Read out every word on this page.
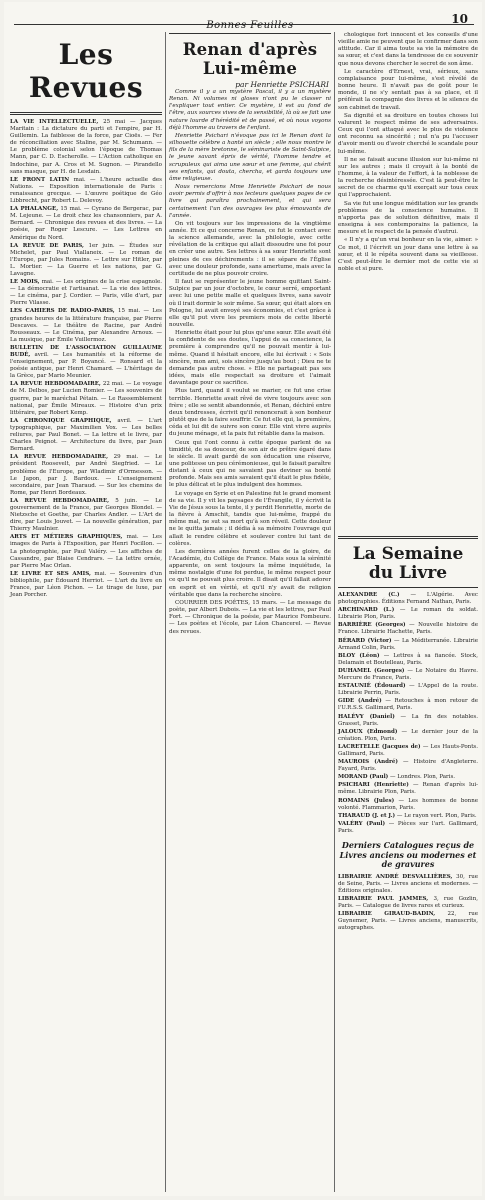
10
Les Revues

LA VIE INTELLECTUELLE, 25 mai — Jacques Maritain : La dictature du parti et l'empire, par H. Guillemin. La faiblesse de la force, par Cioës. — Fer de réconciliation avec Staline, par M. Schumann. — Le problème colonial selon l'époque de Thomas Mann, par C. D. Escherolle. — L'Action catholique en Indochine, par A. Cros et M. Sugnon. — Pirandello sans masque, par H. de Lesdain.

LE FRONT LATIN mai. — L'heure actuelle des Nations. — Exposition internationale de Paris : renaissance grecque. — L'œuvre poétique de Géo Libbrecht, par Robert L. Delevoy.

LA PHALANGE, 15 mai. — Cyrano de Bergerac, par M. Lejeune. — Le droit chez les chansonniers, par A. Bernard. — Chronique des revues et des livres. — La poésie, par Roger Lescure. — Les Lettres en Amérique du Nord.

LA REVUE DE PARIS, 1er juin. — Études sur Michelet, par Paul Viallaneix. — Le roman de l'Europe, par Jules Romains. — Lettre sur Hitler, par L. Mortier. — La Guerre et les nations, par G. Lavagne.

LE MOIS, mai. — Les origines de la crise espagnole. — La démocratie et l'artisanat. — La vie des lettres. — Le cinéma, par J. Cordier. — Paris, ville d'art, par Pierre Vilasse.

LES CAHIERS DE RADIO-PARIS, 15 mai. — Les grandes heures de la littérature française, par Pierre Descaves. — Le théâtre de Racine, par André Rousseaux. — Le Cinéma, par Alexandre Arnoux. — La musique, par Émile Vuillermoz.

BULLETIN DE L'ASSOCIATION GUILLAUME BUDÉ, avril. — Les humanités et la réforme de l'enseignement, par P. Boyancé. — Ronsard et la poésie antique, par Henri Chamard. — L'héritage de la Grèce, par Mario Meunier.

LA REVUE HEBDOMADAIRE, 22 mai. — Le voyage de M. Delbos, par Lucien Romier. — Les souvenirs de guerre, par le maréchal Pétain. — Le Rassemblement national, par Émile Mireaux. — Histoire d'un prix littéraire, par Robert Kemp.

LA CHRONIQUE GRAPHIQUE, avril. — L'art typographique, par Maximilien Vox. — Les belles reliures, par Paul Bonet. — La lettre et le livre, par Charles Peignot. — Architecture du livre, par Jean Bernard.

LA REVUE HEBDOMADAIRE, 29 mai. — Le président Roosevelt, par André Siegfried. — Le problème de l'Europe, par Wladimir d'Ormesson. — Le Japon, par J. Bardoux. — L'enseignement secondaire, par Jean Tharaud. — Sur les chemins de Rome, par Henri Bordeaux.

LA REVUE HEBDOMADAIRE, 5 juin. — Le gouvernement de la France, par Georges Blondel. — Nietzsche et Goethe, par Charles Andler. — L'Art de dire, par Louis Jouvet. — La nouvelle génération, par Thierry Maulnier.

ARTS ET MÉTIERS GRAPHIQUES, mai. — Les images de Paris à l'Exposition, par Henri Focillon. — La photographie, par Paul Valéry. — Les affiches de Cassandre, par Blaise Cendrars. — La lettre ornée, par Pierre Mac Orlan.

LE LIVRE ET SES AMIS, mai. — Souvenirs d'un bibliophile, par Édouard Herriot. — L'art du livre en France, par Léon Pichon. — Le tirage de luxe, par Jean Porcher.

Bonnes Feuilles
Renan d'après Lui-même
par Henriette PSICHARI

Comme il y a un mystère Pascal, il y a un mystère Renan. Ni volumes ni gloses n'ont pu le classer ni l'expliquer tout entier. Ce mystère, il est au fond de l'être, aux sources vives de la sensibilité, là où se fait une nature lourde d'hérédité et de passé, et où nous voyons déjà l'homme au travers de l'enfant.

Henriette Psichari n'évoque pas ici le Renan dont la silhouette célèbre a hanté un siècle ; elle nous montre le fils de la mère bretonne, le séminariste de Saint-Sulpice, le jeune savant épris de vérité, l'homme tendre et scrupuleux qui aima une sœur et une femme, qui chérit ses enfants, qui douta, chercha, et garda toujours une âme religieuse.

Nous remercions Mme Henriette Psichari de nous avoir permis d'offrir à nos lecteurs quelques pages de ce livre qui paraîtra prochainement, et qui sera certainement l'un des ouvrages les plus émouvants de l'année.

On vit toujours sur les impressions de la vingtième année. Et ce qui concerne Renan, ce fut le contact avec la science allemande, avec la philologie, avec cette révélation de la critique qui allait dissoudre une foi pour en créer une autre. Ses lettres à sa sœur Henriette sont pleines de ces déchirements : il se sépare de l'Église avec une douleur profonde, sans amertume, mais avec la certitude de ne plus pouvoir croire.

Il faut se représenter le jeune homme quittant Saint-Sulpice par un jour d'octobre, le cœur serré, emportant avec lui une petite malle et quelques livres, sans savoir où il irait dormir le soir même. Sa sœur, qui était alors en Pologne, lui avait envoyé ses économies, et c'est grâce à elle qu'il put vivre les premiers mois de cette liberté nouvelle.

Henriette était pour lui plus qu'une sœur. Elle avait été la confidente de ses doutes, l'appui de sa conscience, la première à comprendre qu'il ne pouvait mentir à lui-même. Quand il hésitait encore, elle lui écrivait : « Sois sincère, mon ami, sois sincère jusqu'au bout ; Dieu ne te demande pas autre chose. » Elle ne partageait pas ses idées, mais elle respectait sa droiture et l'aimait davantage pour ce sacrifice.

Plus tard, quand il voulut se marier, ce fut une crise terrible. Henriette avait rêvé de vivre toujours avec son frère ; elle se sentit abandonnée, et Renan, déchiré entre deux tendresses, écrivit qu'il renoncerait à son bonheur plutôt que de la faire souffrir. Ce fut elle qui, la première, céda et lui dit de suivre son cœur. Elle vint vivre auprès du jeune ménage, et la paix fut rétablie dans la maison.

Ceux qui l'ont connu à cette époque parlent de sa timidité, de sa douceur, de son air de prêtre égaré dans le siècle. Il avait gardé de son éducation une réserve, une politesse un peu cérémonieuse, qui le faisait paraître distant à ceux qui ne savaient pas deviner sa bonté profonde. Mais ses amis savaient qu'il était le plus fidèle, le plus délicat et le plus indulgent des hommes.

Le voyage en Syrie et en Palestine fut le grand moment de sa vie. Il y vit les paysages de l'Évangile, il y écrivit la Vie de Jésus sous la tente, il y perdit Henriette, morte de la fièvre à Amschit, tandis que lui-même, frappé du même mal, ne sut sa mort qu'à son réveil. Cette douleur ne le quitta jamais ; il dédia à sa mémoire l'ouvrage qui allait le rendre célèbre et soulever contre lui tant de colères.

Les dernières années furent celles de la gloire, de l'Académie, du Collège de France. Mais sous la sérénité apparente, on sent toujours la même inquiétude, la même nostalgie d'une foi perdue, le même respect pour ce qu'il ne pouvait plus croire. Il disait qu'il fallait adorer en esprit et en vérité, et qu'il n'y avait de religion véritable que dans la recherche sincère.

COURRIER DES POÈTES, 15 mars. — Le message du poète, par Albert Dubois. — La vie et les lettres, par Paul Fort. — Chronique de la poésie, par Maurice Fombeure. — Les poètes et l'école, par Léon Chancerel. — Revue des revues.

chologique fort innocent et les conseils d'une vieille amie ne peuvent que le confirmer dans son attitude. Car il aima toute sa vie la mémoire de sa sœur, et c'est dans la tendresse de ce souvenir que nous devons chercher le secret de son âme.

Le caractère d'Ernest, vrai, sérieux, sans complaisance pour lui-même, s'est révélé de bonne heure. Il n'avait pas de goût pour le monde, il ne s'y sentait pas à sa place, et il préférait la compagnie des livres et le silence de son cabinet de travail.

Sa dignité et sa droiture en toutes choses lui valurent le respect même de ses adversaires. Ceux qui l'ont attaqué avec le plus de violence ont reconnu sa sincérité ; nul n'a pu l'accuser d'avoir menti ou d'avoir cherché le scandale pour lui-même.

Il ne se faisait aucune illusion sur lui-même ni sur les autres ; mais il croyait à la bonté de l'homme, à la valeur de l'effort, à la noblesse de la recherche désintéressée. C'est là peut-être le secret de ce charme qu'il exerçait sur tous ceux qui l'approchaient.

Sa vie fut une longue méditation sur les grands problèmes de la conscience humaine. Il n'apporta pas de solution définitive, mais il enseigna à ses contemporains la patience, la mesure et le respect de la pensée d'autrui.

« Il n'y a qu'un vrai bonheur en la vie, aimer. » Ce mot, il l'écrivit un jour dans une lettre à sa sœur, et il le répéta souvent dans sa vieillesse. C'est peut-être le dernier mot de cette vie si noble et si pure.

La Semaine du Livre

ALEXANDRE (C.) — L'Algérie. Avec photographies. Éditions Fernand Nathan, Paris.

ARCHINARD (L.) — Le roman du soldat. Librairie Plon, Paris.

BARRIÈRE (Georges) — Nouvelle histoire de France. Librairie Hachette, Paris.

BÉRARD (Victor) — La Méditerranée. Librairie Armand Colin, Paris.

BLOY (Léon) — Lettres à sa fiancée. Stock, Delamain et Boutelleau, Paris.

DUHAMEL (Georges) — Le Notaire du Havre. Mercure de France, Paris.

ESTAUNIÉ (Édouard) — L'Appel de la route. Librairie Perrin, Paris.

GIDE (André) — Retouches à mon retour de l'U.R.S.S. Gallimard, Paris.

HALÉVY (Daniel) — La fin des notables. Grasset, Paris.

JALOUX (Edmond) — Le dernier jour de la création. Plon, Paris.

LACRETELLE (Jacques de) — Les Hauts-Ponts. Gallimard, Paris.

MAUROIS (André) — Histoire d'Angleterre. Fayard, Paris.

MORAND (Paul) — Londres. Plon, Paris.

PSICHARI (Henriette) — Renan d'après lui-même. Librairie Plon, Paris.

ROMAINS (Jules) — Les hommes de bonne volonté. Flammarion, Paris.

THARAUD (J. et J.) — Le rayon vert. Plon, Paris.

VALÉRY (Paul) — Pièces sur l'art. Gallimard, Paris.

Derniers Catalogues reçus de Livres anciens ou modernes et de gravures

LIBRAIRIE ANDRÉ DESVALLIÈRES, 30, rue de Seine, Paris. — Livres anciens et modernes. — Éditions originales.

LIBRAIRIE PAUL JAMMES, 3, rue Gozlin, Paris. — Catalogue de livres rares et curieux.

LIBRAIRIE GIRAUD-BADIN, 22, rue Guynemer, Paris. — Livres anciens, manuscrits, autographes.
